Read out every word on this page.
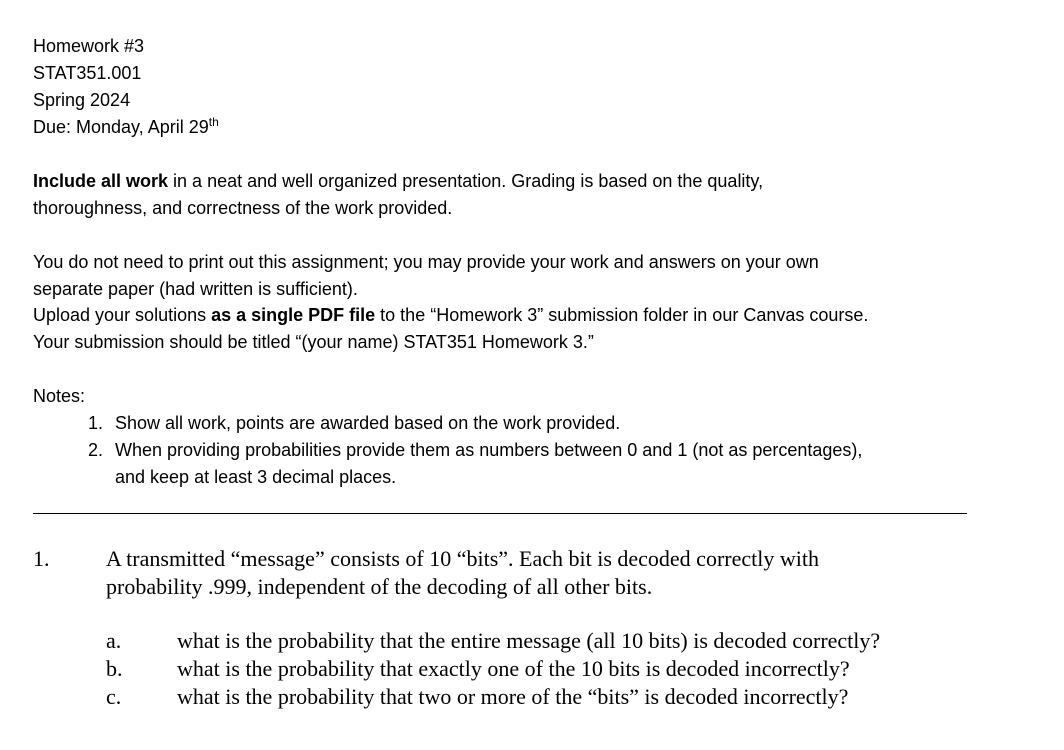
Homework #3
STAT351.001
Spring 2024
Due: Monday, April 29th
Include all work in a neat and well organized presentation. Grading is based on the quality,
thoroughness, and correctness of the work provided.
You do not need to print out this assignment; you may provide your work and answers on your own
separate paper (had written is sufficient).
Upload your solutions as a single PDF file to the “Homework 3” submission folder in our Canvas course.
Your submission should be titled “(your name) STAT351 Homework 3.”
Notes:
1. Show all work, points are awarded based on the work provided.
2. When providing probabilities provide them as numbers between 0 and 1 (not as percentages),
and keep at least 3 decimal places.
1.	A transmitted “message” consists of 10 “bits”. Each bit is decoded correctly with
probability .999, independent of the decoding of all other bits.
a.	what is the probability that the entire message (all 10 bits) is decoded correctly?
b. what is the probability that exactly one of the 10 bits is decoded incorrectly?
c.	what is the probability that two or more of the “bits” is decoded incorrectly?
